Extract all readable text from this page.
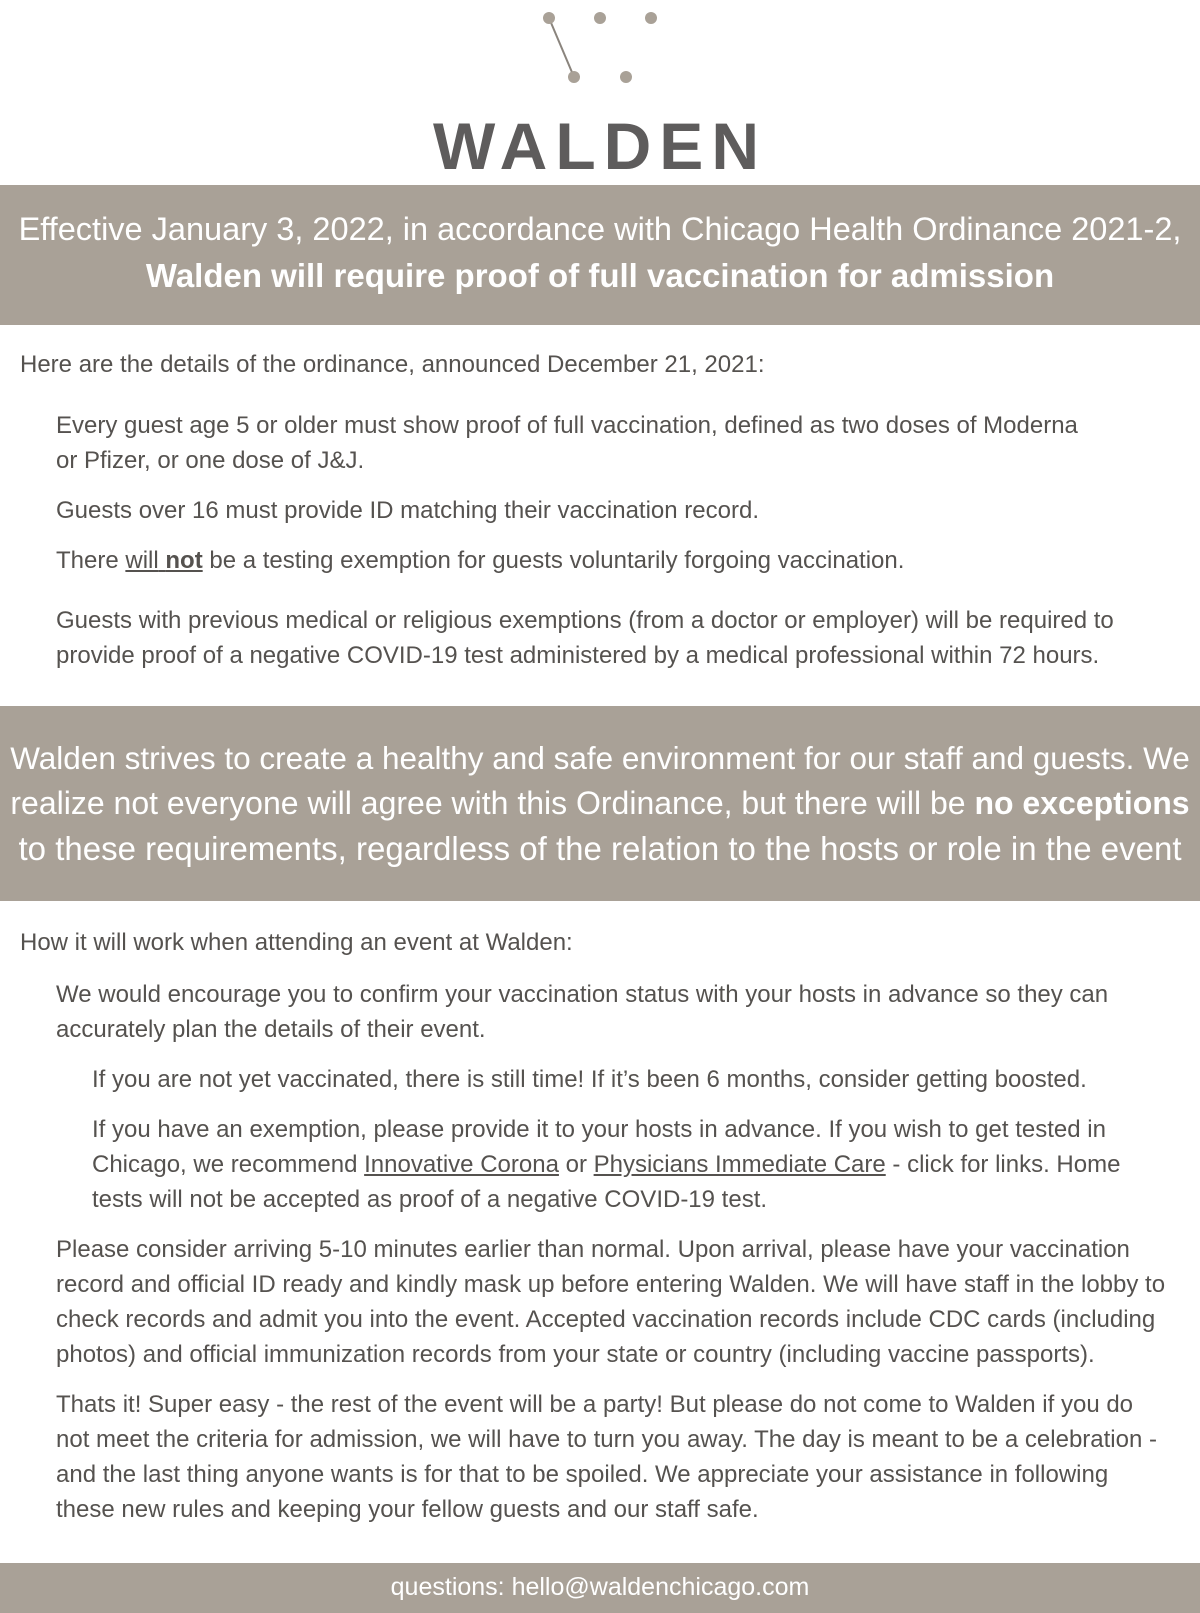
WALDEN
Effective January 3, 2022, in accordance with Chicago Health Ordinance 2021-2,
Walden will require proof of full vaccination for admission
Here are the details of the ordinance, announced December 21, 2021:
Every guest age 5 or older must show proof of full vaccination, defined as two doses of Moderna
or Pfizer, or one dose of J&J.
Guests over 16 must provide ID matching their vaccination record.
There will not be a testing exemption for guests voluntarily forgoing vaccination.
Guests with previous medical or religious exemptions (from a doctor or employer) will be required to
provide proof of a negative COVID-19 test administered by a medical professional within 72 hours.
Walden strives to create a healthy and safe environment for our staff and guests. We
realize not everyone will agree with this Ordinance, but there will be no exceptions
to these requirements, regardless of the relation to the hosts or role in the event
How it will work when attending an event at Walden:
We would encourage you to confirm your vaccination status with your hosts in advance so they can
accurately plan the details of their event.
If you are not yet vaccinated, there is still time! If it’s been 6 months, consider getting boosted.
If you have an exemption, please provide it to your hosts in advance. If you wish to get tested in
Chicago, we recommend Innovative Corona or Physicians Immediate Care - click for links. Home
tests will not be accepted as proof of a negative COVID-19 test.
Please consider arriving 5-10 minutes earlier than normal. Upon arrival, please have your vaccination
record and official ID ready and kindly mask up before entering Walden. We will have staff in the lobby to
check records and admit you into the event. Accepted vaccination records include CDC cards (including
photos) and official immunization records from your state or country (including vaccine passports).
Thats it! Super easy - the rest of the event will be a party! But please do not come to Walden if you do
not meet the criteria for admission, we will have to turn you away. The day is meant to be a celebration -
and the last thing anyone wants is for that to be spoiled. We appreciate your assistance in following
these new rules and keeping your fellow guests and our staff safe.
questions: hello@waldenchicago.com
